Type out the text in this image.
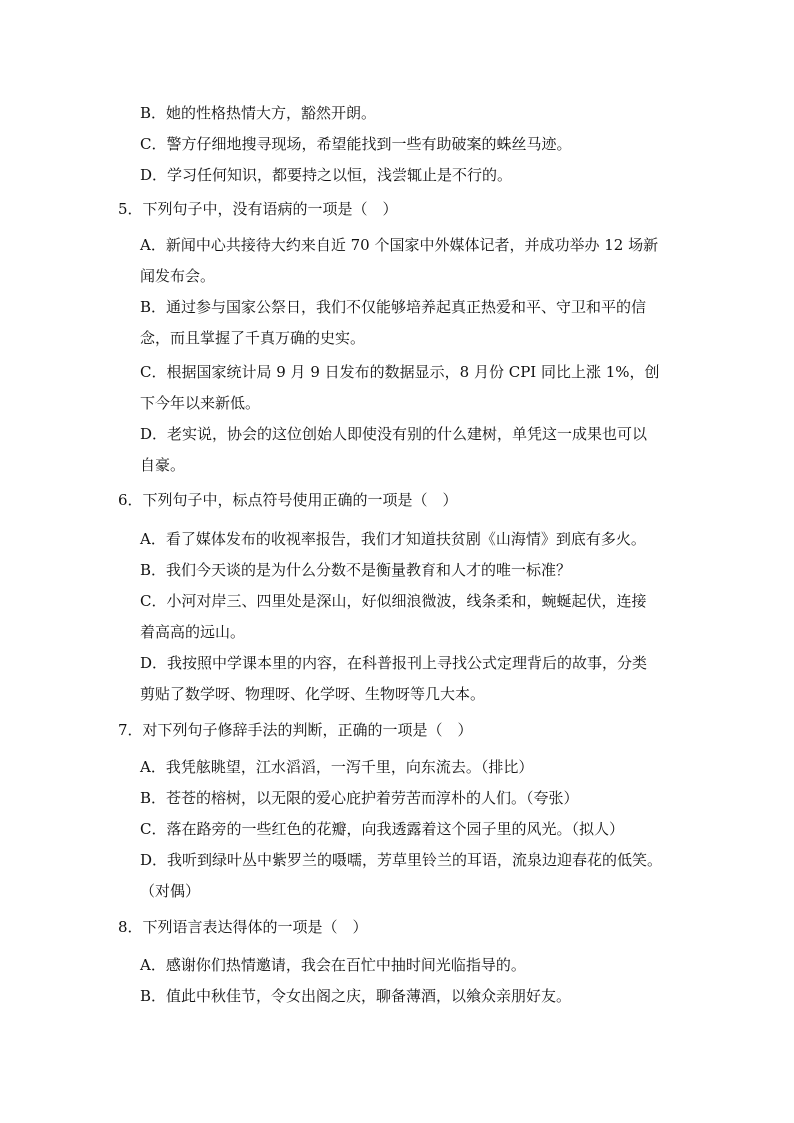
B．她的性格热情大方，豁然开朗。
C．警方仔细地搜寻现场，希望能找到一些有助破案的蛛丝马迹。
D．学习任何知识，都要持之以恒，浅尝辄止是不行的。
5．下列句子中，没有语病的一项是（　）
A．新闻中心共接待大约来自近 70 个国家中外媒体记者，并成功举办 12 场新
闻发布会。
B．通过参与国家公祭日，我们不仅能够培养起真正热爱和平、守卫和平的信
念，而且掌握了千真万确的史实。
C．根据国家统计局 9 月 9 日发布的数据显示，8 月份 CPI 同比上涨 1%，创
下今年以来新低。
D．老实说，协会的这位创始人即使没有别的什么建树，单凭这一成果也可以
自豪。
6．下列句子中，标点符号使用正确的一项是（　）
A．看了媒体发布的收视率报告，我们才知道扶贫剧《山海情》到底有多火。
B．我们今天谈的是为什么分数不是衡量教育和人才的唯一标准？
C．小河对岸三、四里处是深山，好似细浪微波，线条柔和，蜿蜒起伏，连接
着高高的远山。
D．我按照中学课本里的内容，在科普报刊上寻找公式定理背后的故事，分类
剪贴了数学呀、物理呀、化学呀、生物呀等几大本。
7．对下列句子修辞手法的判断，正确的一项是（　）
A．我凭舷眺望，江水滔滔，一泻千里，向东流去。（排比）
B．苍苍的榕树，以无限的爱心庇护着劳苦而淳朴的人们。（夸张）
C．落在路旁的一些红色的花瓣，向我透露着这个园子里的风光。（拟人）
D．我听到绿叶丛中紫罗兰的嗫嚅，芳草里铃兰的耳语，流泉边迎春花的低笑。
（对偶）
8．下列语言表达得体的一项是（　）
A．感谢你们热情邀请，我会在百忙中抽时间光临指导的。
B．值此中秋佳节，令女出阁之庆，聊备薄酒，以飨众亲朋好友。
